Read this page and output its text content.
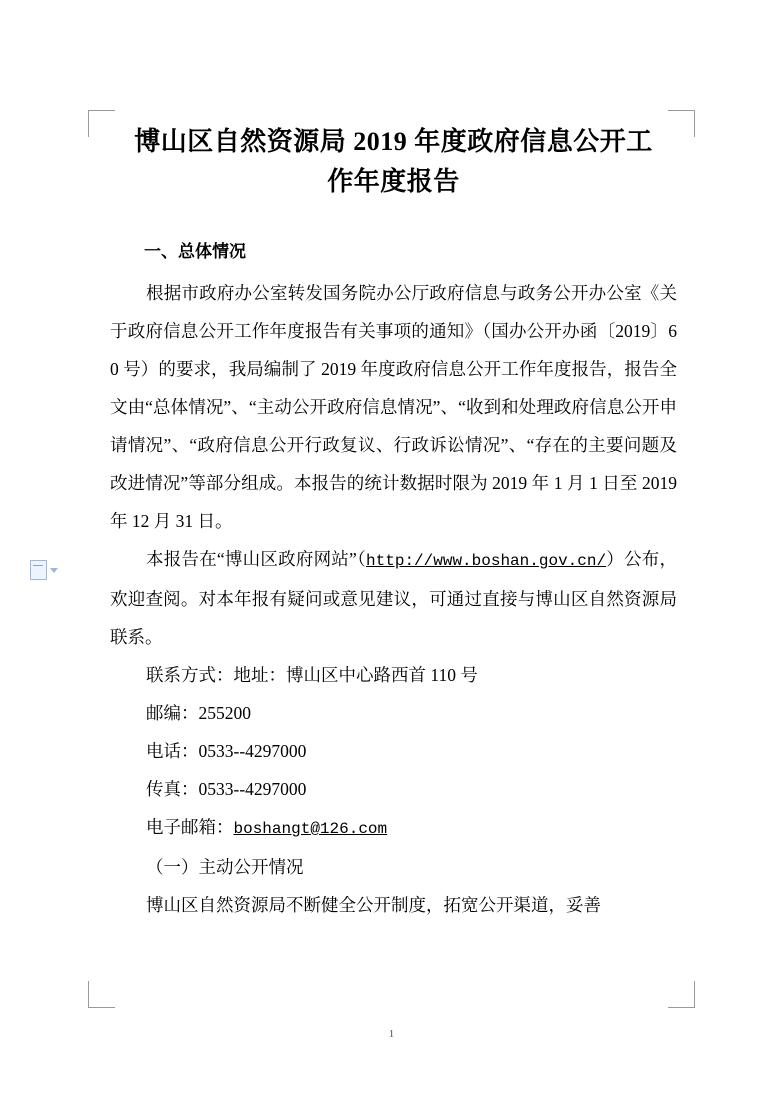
博山区自然资源局 2019 年度政府信息公开工作年度报告
一、总体情况

根据市政府办公室转发国务院办公厅政府信息与政务公开办公室《关于政府信息公开工作年度报告有关事项的通知》（国办公开办函〔2019〕60 号）的要求，我局编制了 2019 年度政府信息公开工作年度报告，报告全文由“总体情况”、“主动公开政府信息情况”、“收到和处理政府信息公开申请情况”、“政府信息公开行政复议、行政诉讼情况”、“存在的主要问题及改进情况”等部分组成。本报告的统计数据时限为 2019 年 1 月 1 日至 2019 年 12 月 31 日。

本报告在“博山区政府网站”（http://www.boshan.gov.cn/）公布，欢迎查阅。对本年报有疑问或意见建议，可通过直接与博山区自然资源局联系。

联系方式：地址：博山区中心路西首 110 号

邮编：255200

电话：0533--4297000

传真：0533--4297000

电子邮箱：boshangt@126.com

（一）主动公开情况

博山区自然资源局不断健全公开制度，拓宽公开渠道，妥善

1
